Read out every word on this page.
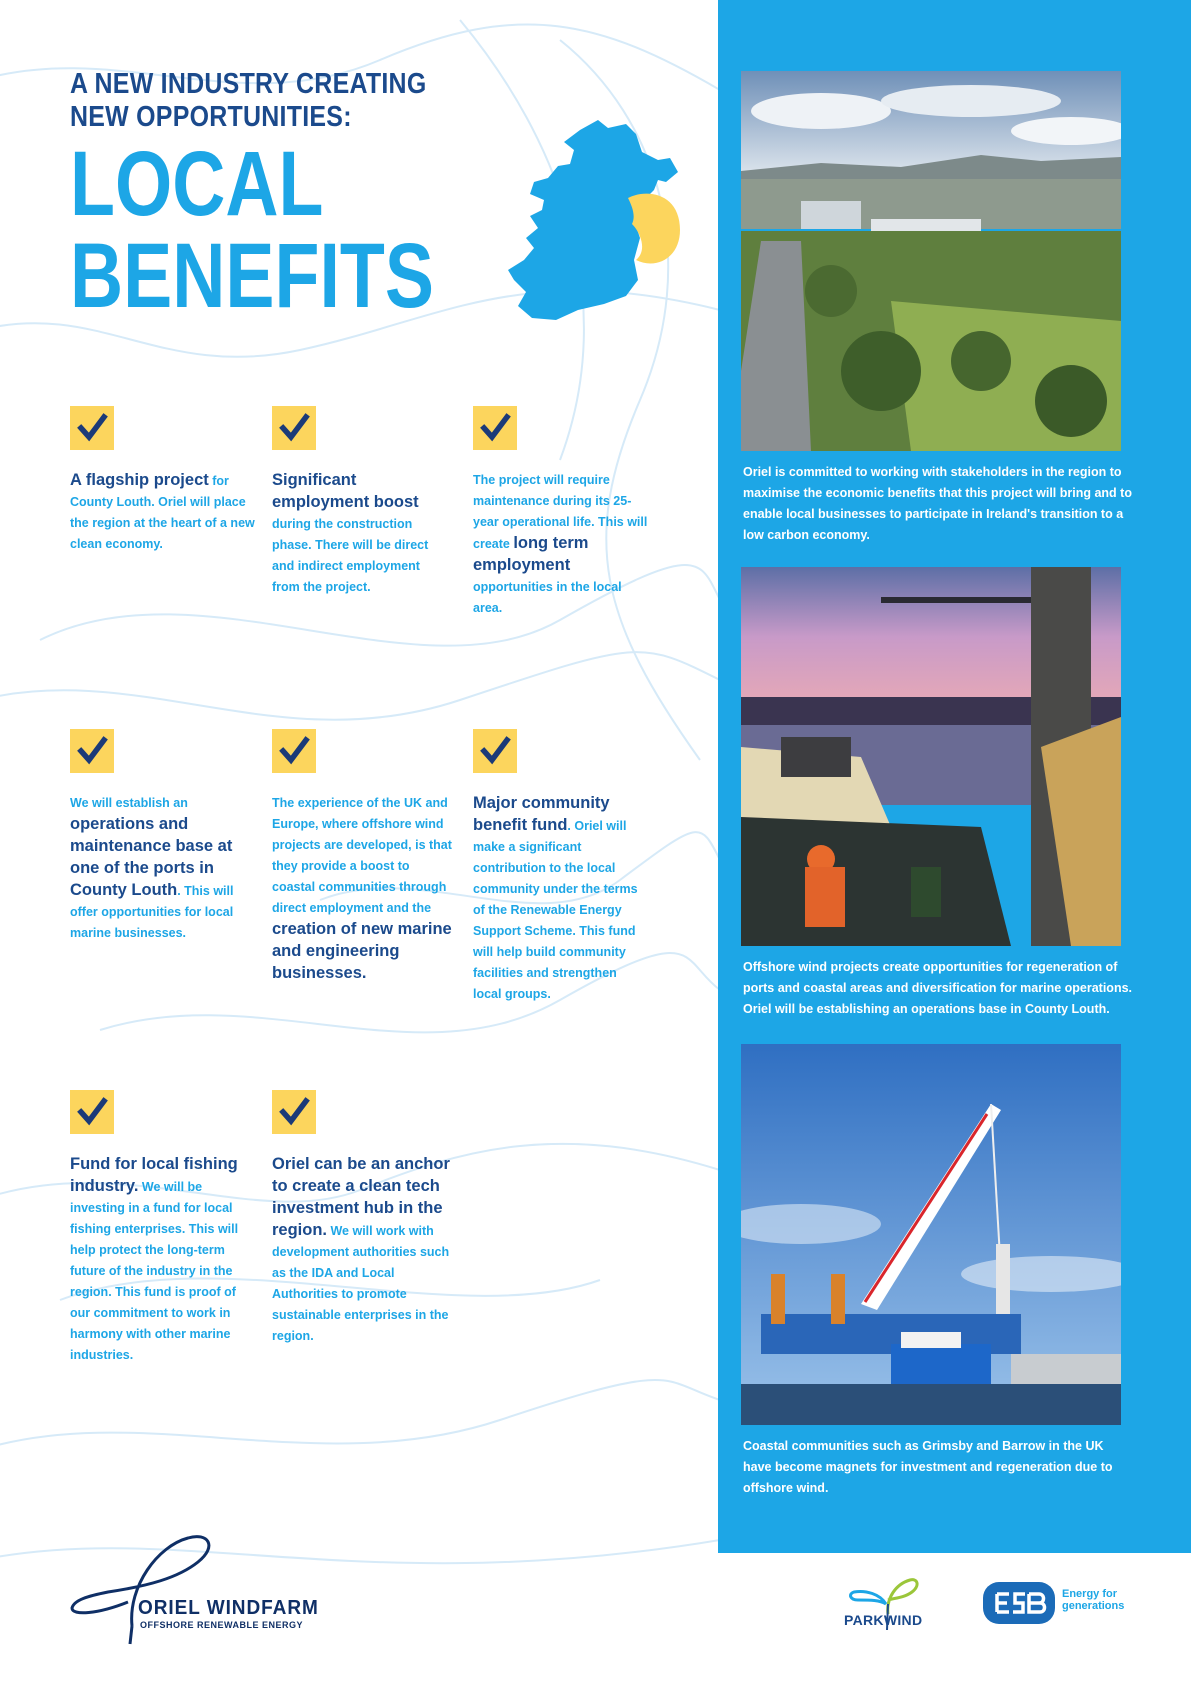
A NEW INDUSTRY CREATING
NEW OPPORTUNITIES:
LOCAL
BENEFITS
A flagship project for County Louth. Oriel will place the region at the heart of a new clean economy.
Significant employment boost during the construction phase. There will be direct and indirect employment from the project.
The project will require maintenance during its 25-year operational life. This will create long term employment opportunities in the local area.
We will establish an operations and maintenance base at one of the ports in County Louth. This will offer opportunities for local marine businesses.
The experience of the UK and Europe, where offshore wind projects are developed, is that they provide a boost to coastal communities through direct employment and the creation of new marine and engineering businesses.
Major community benefit fund. Oriel will make a significant contribution to the local community under the terms of the Renewable Energy Support Scheme. This fund will help build community facilities and strengthen local groups.
Fund for local fishing industry. We will be investing in a fund for local fishing enterprises. This will help protect the long-term future of the industry in the region. This fund is proof of our commitment to work in harmony with other marine industries.
Oriel can be an anchor to create a clean tech investment hub in the region. We will work with development authorities such as the IDA and Local Authorities to promote sustainable enterprises in the region.
Oriel is committed to working with stakeholders in the region to maximise the economic benefits that this project will bring and to enable local businesses to participate in Ireland's transition to a low carbon economy.
Offshore wind projects create opportunities for regeneration of ports and coastal areas and diversification for marine operations. Oriel will be establishing an operations base in County Louth.
Coastal communities such as Grimsby and Barrow in the UK have become magnets for investment and regeneration due to offshore wind.
ORIEL WINDFARM
OFFSHORE RENEWABLE ENERGY	PARKWIND
Energy for generations
